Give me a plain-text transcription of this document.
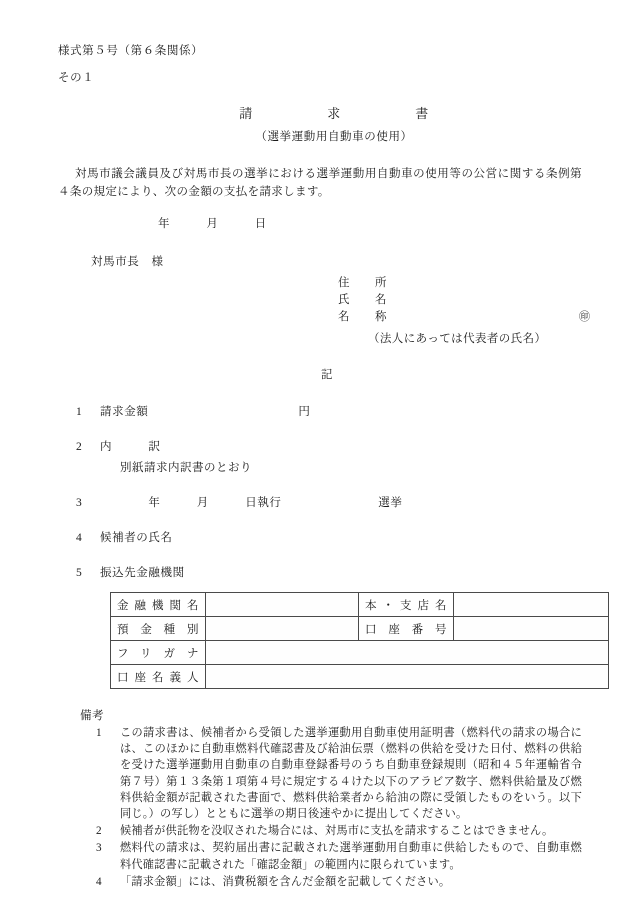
様式第５号（第６条関係）
その１
請	求	書
（選挙運動用自動車の使用）

対馬市議会議員及び対馬市長の選挙における選挙運動用自動車の使用等の公営に関する条例第４条の規定により、次の金額の支払を請求します。

年　　　月　　　日
対馬市長　様
住　所
氏　名
名　称	㊞
（法人にあっては代表者の氏名）
記
1 請求金額	円
2 内　　　訳
別紙請求内訳書のとおり
3　　　　年　　　月　　　日執行　　　　　　　　選挙
4 候補者の氏名
5 振込先金融機関
金融機関名		本・支店名	
預金種別		口座番号	
フリガナ			
口座名義人			
備考
1 この請求書は、候補者から受領した選挙運動用自動車使用証明書（燃料代の請求の場合には、このほかに自動車燃料代確認書及び給油伝票（燃料の供給を受けた日付、燃料の供給を受けた選挙運動用自動車の自動車登録番号のうち自動車登録規則（昭和４５年運輸省令第７号）第１３条第１項第４号に規定する４けた以下のアラビア数字、燃料供給量及び燃料供給金額が記載された書面で、燃料供給業者から給油の際に受領したものをいう。以下同じ。）の写し）とともに選挙の期日後速やかに提出してください。
2 候補者が供託物を没収された場合には、対馬市に支払を請求することはできません。
3 燃料代の請求は、契約届出書に記載された選挙運動用自動車に供給したもので、自動車燃料代確認書に記載された「確認金額」の範囲内に限られています。
4 「請求金額」には、消費税額を含んだ金額を記載してください。
